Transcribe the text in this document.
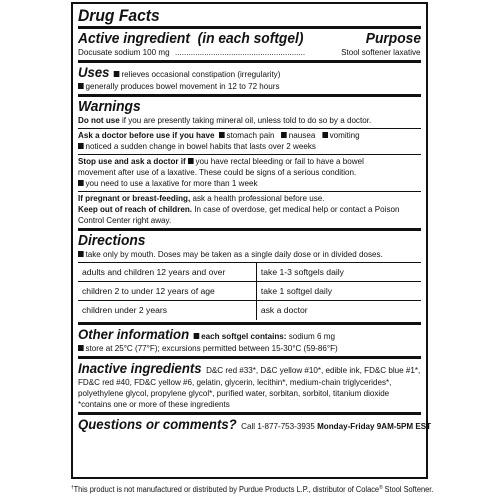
Drug Facts
Active ingredient (in each softgel)	Purpose
Docusate sodium 100 mg ..........................................................	Stool softener laxative
Uses relieves occasional constipation (irregularity)
generally produces bowel movement in 12 to 72 hours
Warnings
Do not use if you are presently taking mineral oil, unless told to do so by a doctor.
Ask a doctor before use if you have stomach pain nausea vomiting
noticed a sudden change in bowel habits that lasts over 2 weeks
Stop use and ask a doctor if you have rectal bleeding or fail to have a bowel
movement after use of a laxative. These could be signs of a serious condition.
you need to use a laxative for more than 1 week
If pregnant or breast-feeding, ask a health professional before use.
Keep out of reach of children. In case of overdose, get medical help or contact a Poison
Control Center right away.
Directions
take only by mouth. Doses may be taken as a single daily dose or in divided doses.
adults and children 12 years and over	take 1-3 softgels daily
children 2 to under 12 years of age	take 1 softgel daily
children under 2 years	ask a doctor
Other information each softgel contains: sodium 6 mg
store at 25°C (77°F); excursions permitted between 15-30°C (59-86°F)
Inactive ingredients D&C red #33*, D&C yellow #10*, edible ink, FD&C blue #1*,
FD&C red #40, FD&C yellow #6, gelatin, glycerin, lecithin*, medium-chain triglycerides*,
polyethylene glycol, propylene glycol*, purified water, sorbitan, sorbitol, titanium dioxide
*contains one or more of these ingredients
Questions or comments? Call 1-877-753-3935 Monday-Friday 9AM-5PM EST
†This product is not manufactured or distributed by Purdue Products L.P., distributor of Colace® Stool Softener.
